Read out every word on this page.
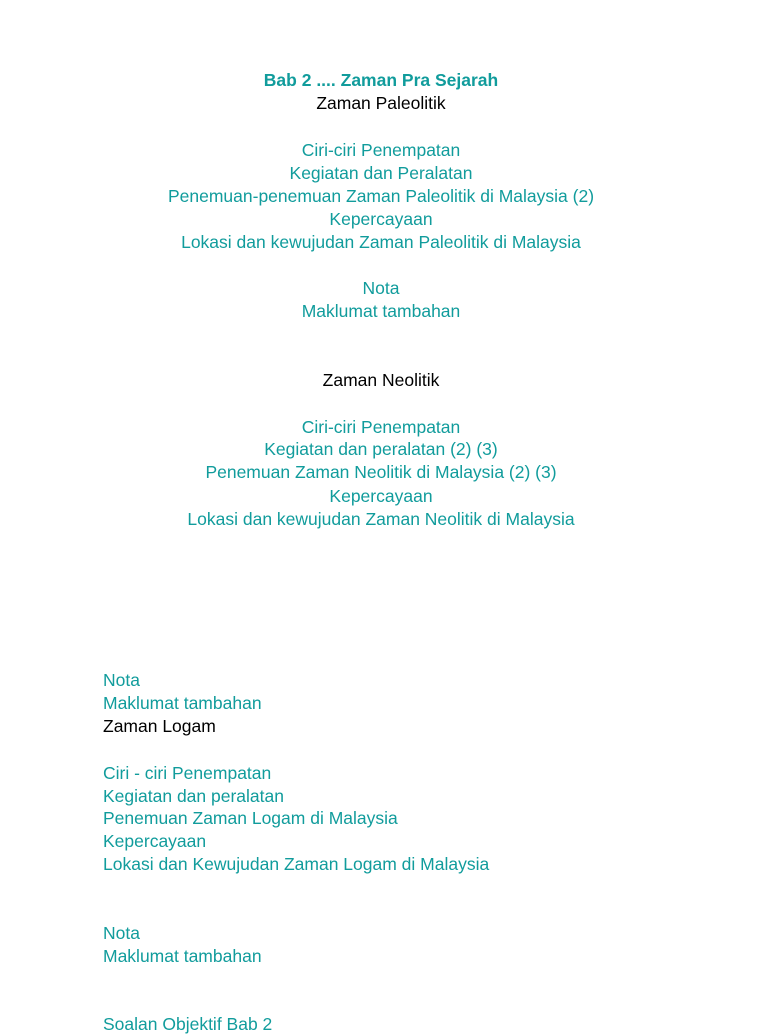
Bab 2 .... Zaman Pra Sejarah
Zaman Paleolitik
Ciri-ciri Penempatan
Kegiatan dan Peralatan
Penemuan-penemuan Zaman Paleolitik di Malaysia (2)
Kepercayaan
Lokasi dan kewujudan Zaman Paleolitik di Malaysia
Nota
Maklumat tambahan
Zaman Neolitik
Ciri-ciri Penempatan
Kegiatan dan peralatan (2) (3)
Penemuan Zaman Neolitik di Malaysia (2) (3)
Kepercayaan
Lokasi dan kewujudan Zaman Neolitik di Malaysia
Nota
Maklumat tambahan
Zaman Logam
Ciri - ciri Penempatan
Kegiatan dan peralatan
Penemuan Zaman Logam di Malaysia
Kepercayaan
Lokasi dan Kewujudan Zaman Logam di Malaysia
Nota
Maklumat tambahan
Soalan Objektif Bab 2
